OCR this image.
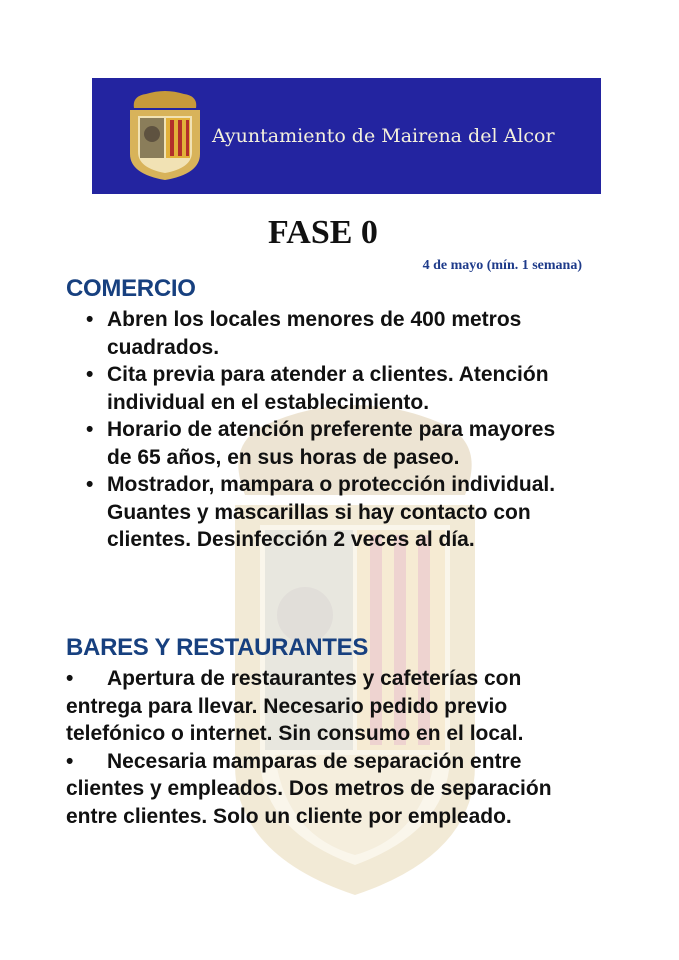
Ayuntamiento de Mairena del Alcor
FASE 0
4 de mayo (mín. 1 semana)
COMERCIO
• Abren los locales menores de 400 metros cuadrados.
• Cita previa para atender a clientes. Atención individual en el establecimiento.
• Horario de atención preferente para mayores de 65 años, en sus horas de paseo.
• Mostrador, mampara o protección individual. Guantes y mascarillas si hay contacto con clientes. Desinfección 2 veces al día.
BARES Y RESTAURANTES
• Apertura de restaurantes y cafeterías con entrega para llevar. Necesario pedido previo telefónico o internet. Sin consumo en el local.
• Necesaria mamparas de separación entre clientes y empleados. Dos metros de separación entre clientes. Solo un cliente por empleado.
